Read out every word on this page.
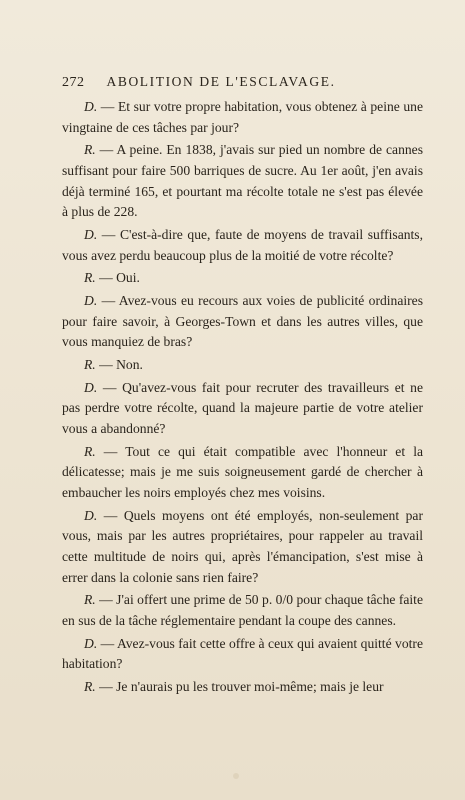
272 ABOLITION DE L'ESCLAVAGE.

D. — Et sur votre propre habitation, vous obtenez à peine une vingtaine de ces tâches par jour?

R. — A peine. En 1838, j'avais sur pied un nombre de cannes suffisant pour faire 500 barriques de sucre. Au 1er août, j'en avais déjà terminé 165, et pourtant ma récolte totale ne s'est pas élevée à plus de 228.

D. — C'est-à-dire que, faute de moyens de travail suffisants, vous avez perdu beaucoup plus de la moitié de votre récolte?

R. — Oui.

D. — Avez-vous eu recours aux voies de publicité ordinaires pour faire savoir, à Georges-Town et dans les autres villes, que vous manquiez de bras?

R. — Non.

D. — Qu'avez-vous fait pour recruter des travailleurs et ne pas perdre votre récolte, quand la majeure partie de votre atelier vous a abandonné?

R. — Tout ce qui était compatible avec l'honneur et la délicatesse; mais je me suis soigneusement gardé de chercher à embaucher les noirs employés chez mes voisins.

D. — Quels moyens ont été employés, non-seulement par vous, mais par les autres propriétaires, pour rappeler au travail cette multitude de noirs qui, après l'émancipation, s'est mise à errer dans la colonie sans rien faire?

R. — J'ai offert une prime de 50 p. 0/0 pour chaque tâche faite en sus de la tâche réglementaire pendant la coupe des cannes.

D. — Avez-vous fait cette offre à ceux qui avaient quitté votre habitation?

R. — Je n'aurais pu les trouver moi-même; mais je leur
